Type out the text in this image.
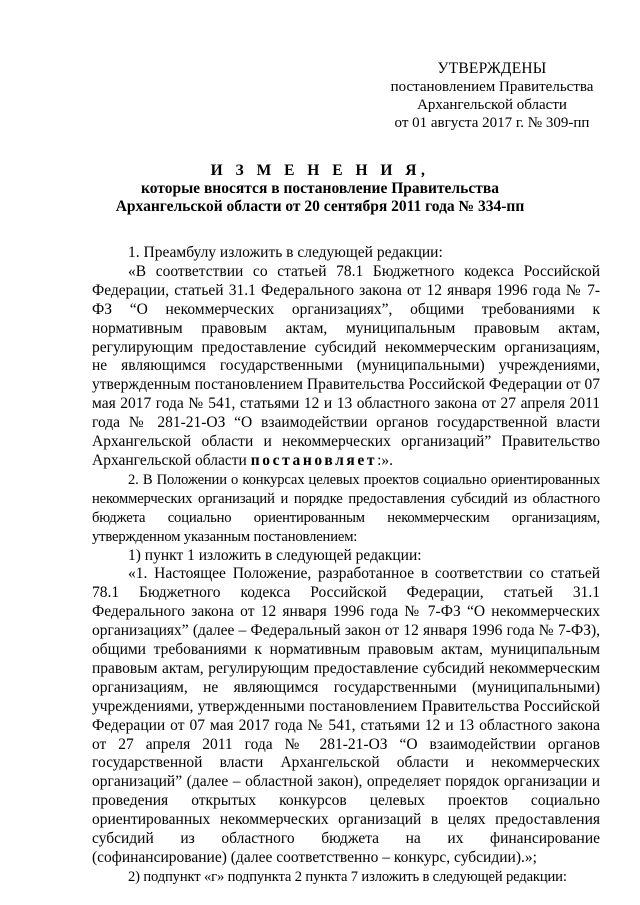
УТВЕРЖДЕНЫ
постановлением Правительства
Архангельской области
от 01 августа 2017 г. № 309-пп
И З М Е Н Е Н И Я,
которые вносятся в постановление Правительства
Архангельской области от 20 сентября 2011 года № 334-пп

1. Преамбулу изложить в следующей редакции:

«В соответствии со статьей 78.1 Бюджетного кодекса Российской Федерации, статьей 31.1 Федерального закона от 12 января 1996 года № 7-ФЗ “О некоммерческих организациях”, общими требованиями к нормативным правовым актам, муниципальным правовым актам, регулирующим предоставление субсидий некоммерческим организациям, не являющимся государственными (муниципальными) учреждениями, утвержденным постановлением Правительства Российской Федерации от 07 мая 2017 года № 541, статьями 12 и 13 областного закона от 27 апреля 2011 года № 281-21-ОЗ “О взаимодействии органов государственной власти Архангельской области и некоммерческих организаций” Правительство Архангельской области постановляет:».

2. В Положении о конкурсах целевых проектов социально ориентированных некоммерческих организаций и порядке предоставления субсидий из областного бюджета социально ориентированным некоммерческим организациям, утвержденном указанным постановлением:

1) пункт 1 изложить в следующей редакции:

«1. Настоящее Положение, разработанное в соответствии со статьей 78.1 Бюджетного кодекса Российской Федерации, статьей 31.1 Федерального закона от 12 января 1996 года № 7-ФЗ “О некоммерческих организациях” (далее – Федеральный закон от 12 января 1996 года № 7-ФЗ), общими требованиями к нормативным правовым актам, муниципальным правовым актам, регулирующим предоставление субсидий некоммерческим организациям, не являющимся государственными (муниципальными) учреждениями, утвержденными постановлением Правительства Российской Федерации от 07 мая 2017 года № 541, статьями 12 и 13 областного закона от 27 апреля 2011 года № 281-21-ОЗ “О взаимодействии органов государственной власти Архангельской области и некоммерческих организаций” (далее – областной закон), определяет порядок организации и проведения открытых конкурсов целевых проектов социально ориентированных некоммерческих организаций в целях предоставления субсидий из областного бюджета на их финансирование (софинансирование) (далее соответственно – конкурс, субсидии).»;

2) подпункт «г» подпункта 2 пункта 7 изложить в следующей редакции:
